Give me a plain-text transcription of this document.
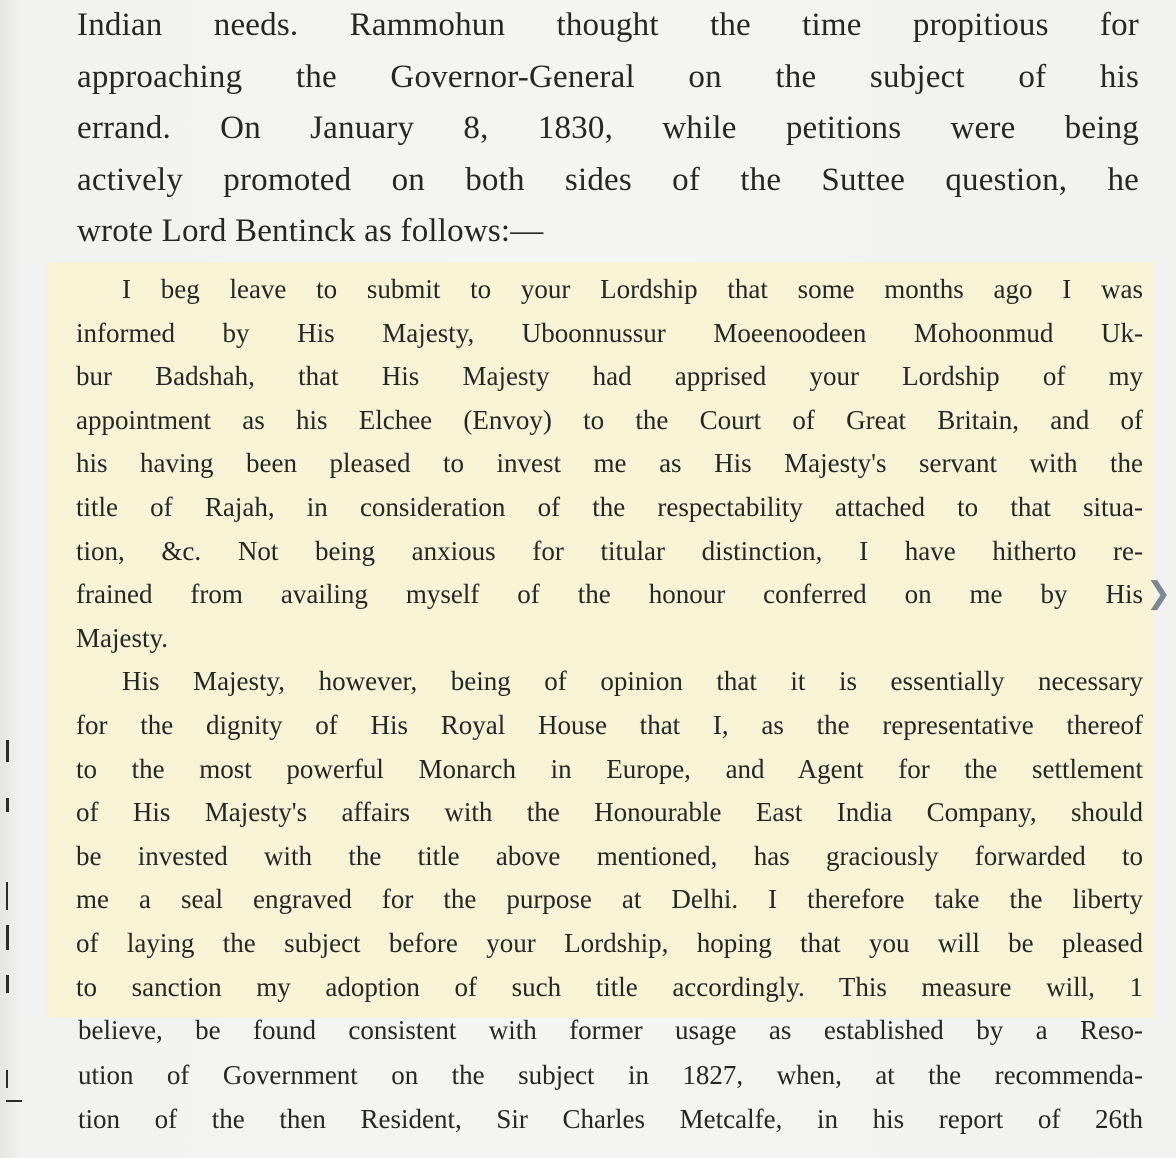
Indian needs. Rammohun thought the time propitious for
approaching the Governor-General on the subject of his
errand. On January 8, 1830, while petitions were being
actively promoted on both sides of the Suttee question, he
wrote Lord Bentinck as follows:—
I beg leave to submit to your Lordship that some months ago I was
informed by His Majesty, Uboonnussur Moeenoodeen Mohoonmud Uk-
bur Badshah, that His Majesty had apprised your Lordship of my
appointment as his Elchee (Envoy) to the Court of Great Britain, and of
his having been pleased to invest me as His Majesty's servant with the
title of Rajah, in consideration of the respectability attached to that situa-
tion, &c. Not being anxious for titular distinction, I have hitherto re-
frained from availing myself of the honour conferred on me by His
Majesty.
His Majesty, however, being of opinion that it is essentially necessary
for the dignity of His Royal House that I, as the representative thereof
to the most powerful Monarch in Europe, and Agent for the settlement
of His Majesty's affairs with the Honourable East India Company, should
be invested with the title above mentioned, has graciously forwarded to
me a seal engraved for the purpose at Delhi. I therefore take the liberty
of laying the subject before your Lordship, hoping that you will be pleased
to sanction my adoption of such title accordingly. This measure will, 1
believe, be found consistent with former usage as established by a Reso-
ution of Government on the subject in 1827, when, at the recommenda-
tion of the then Resident, Sir Charles Metcalfe, in his report of 26th
❯
